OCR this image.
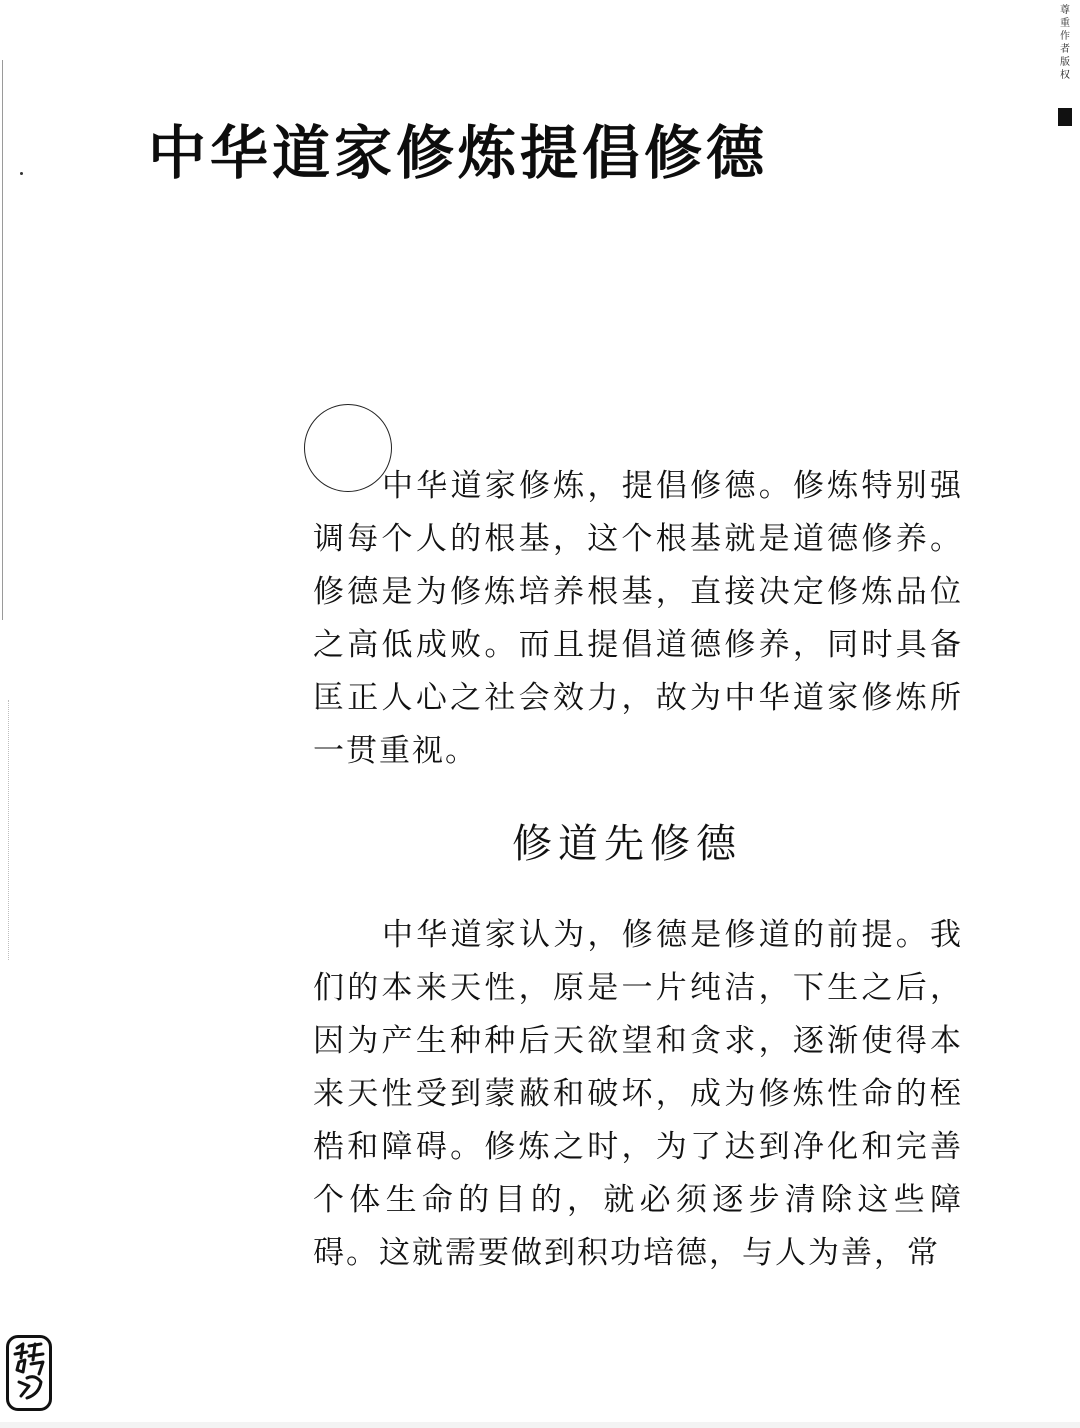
尊重作者版权
中华道家修炼提倡修德

中华道家修炼，提倡修德。修炼特别强调每个人的根基，这个根基就是道德修养。修德是为修炼培养根基，直接决定修炼品位之高低成败。而且提倡道德修养，同时具备匡正人心之社会效力，故为中华道家修炼所一贯重视。

修道先修德

中华道家认为，修德是修道的前提。我们的本来天性，原是一片纯洁，下生之后，因为产生种种后天欲望和贪求，逐渐使得本来天性受到蒙蔽和破坏，成为修炼性命的桎梏和障碍。修炼之时，为了达到净化和完善个体生命的目的，就必须逐步清除这些障碍。这就需要做到积功培德，与人为善，常
